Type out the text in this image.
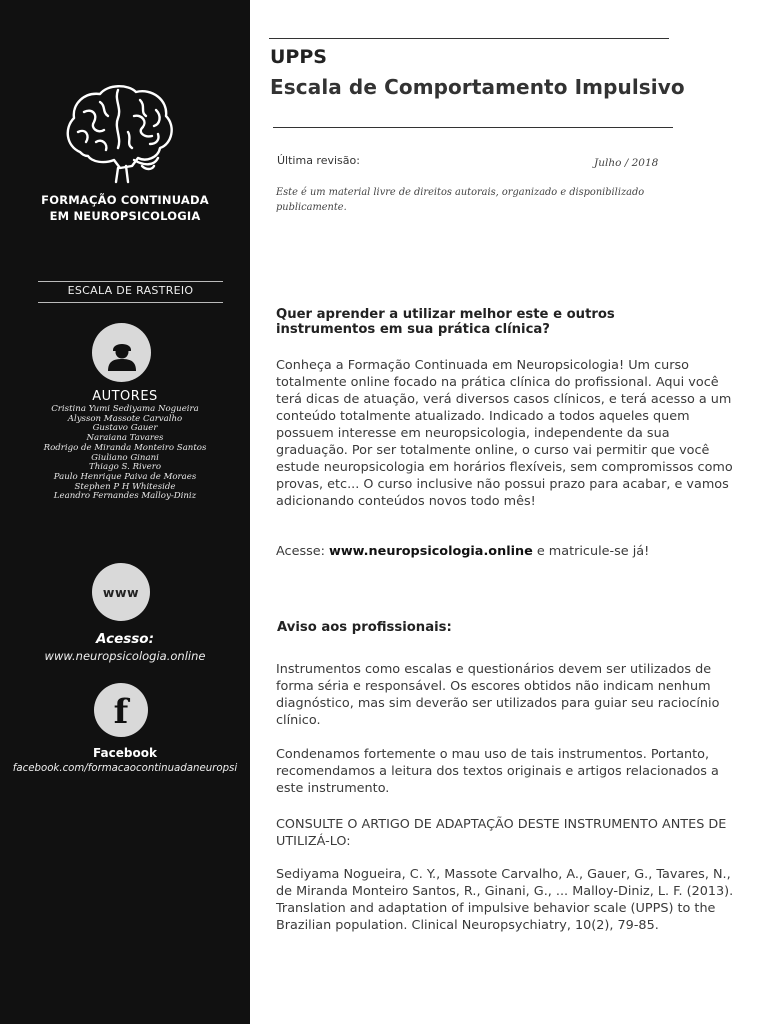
FORMAÇÃO CONTINUADA
EM NEUROPSICOLOGIA

ESCALA DE RASTREIO
AUTORES
Cristina Yumi Sediyama Nogueira
Alysson Massote Carvalho
Gustavo Gauer
Naraiana Tavares
Rodrigo de Miranda Monteiro Santos
Giuliano Ginani
Thiago S. Rivero
Paulo Henrique Paiva de Moraes
Stephen P H Whiteside
Leandro Fernandes Malloy-Diniz
www
Acesso:
www.neuropsicologia.online
f
Facebook
facebook.com/formacaocontinuadaneuropsi
UPPS
Escala de Comportamento Impulsivo
Última revisão:	Julho / 2018

Este é um material livre de direitos autorais, organizado e disponibilizado publicamente.

Quer aprender a utilizar melhor este e outros instrumentos em sua prática clínica?

Conheça a Formação Continuada em Neuropsicologia! Um curso totalmente online focado na prática clínica do profissional. Aqui você terá dicas de atuação, verá diversos casos clínicos, e terá acesso a um conteúdo totalmente atualizado. Indicado a todos aqueles quem possuem interesse em neuropsicologia, independente da sua graduação. Por ser totalmente online, o curso vai permitir que você estude neuropsicologia em horários flexíveis, sem compromissos como provas, etc... O curso inclusive não possui prazo para acabar, e vamos adicionando conteúdos novos todo mês!

Acesse: www.neuropsicologia.online e matricule-se já!

Aviso aos profissionais:

Instrumentos como escalas e questionários devem ser utilizados de forma séria e responsável. Os escores obtidos não indicam nenhum diagnóstico, mas sim deverão ser utilizados para guiar seu raciocínio clínico.

Condenamos fortemente o mau uso de tais instrumentos. Portanto, recomendamos a leitura dos textos originais e artigos relacionados a este instrumento.

CONSULTE O ARTIGO DE ADAPTAÇÃO DESTE INSTRUMENTO ANTES DE UTILIZÁ-LO:

Sediyama Nogueira, C. Y., Massote Carvalho, A., Gauer, G., Tavares, N., de Miranda Monteiro Santos, R., Ginani, G., ... Malloy-Diniz, L. F. (2013). Translation and adaptation of impulsive behavior scale (UPPS) to the Brazilian population. Clinical Neuropsychiatry, 10(2), 79-85.
